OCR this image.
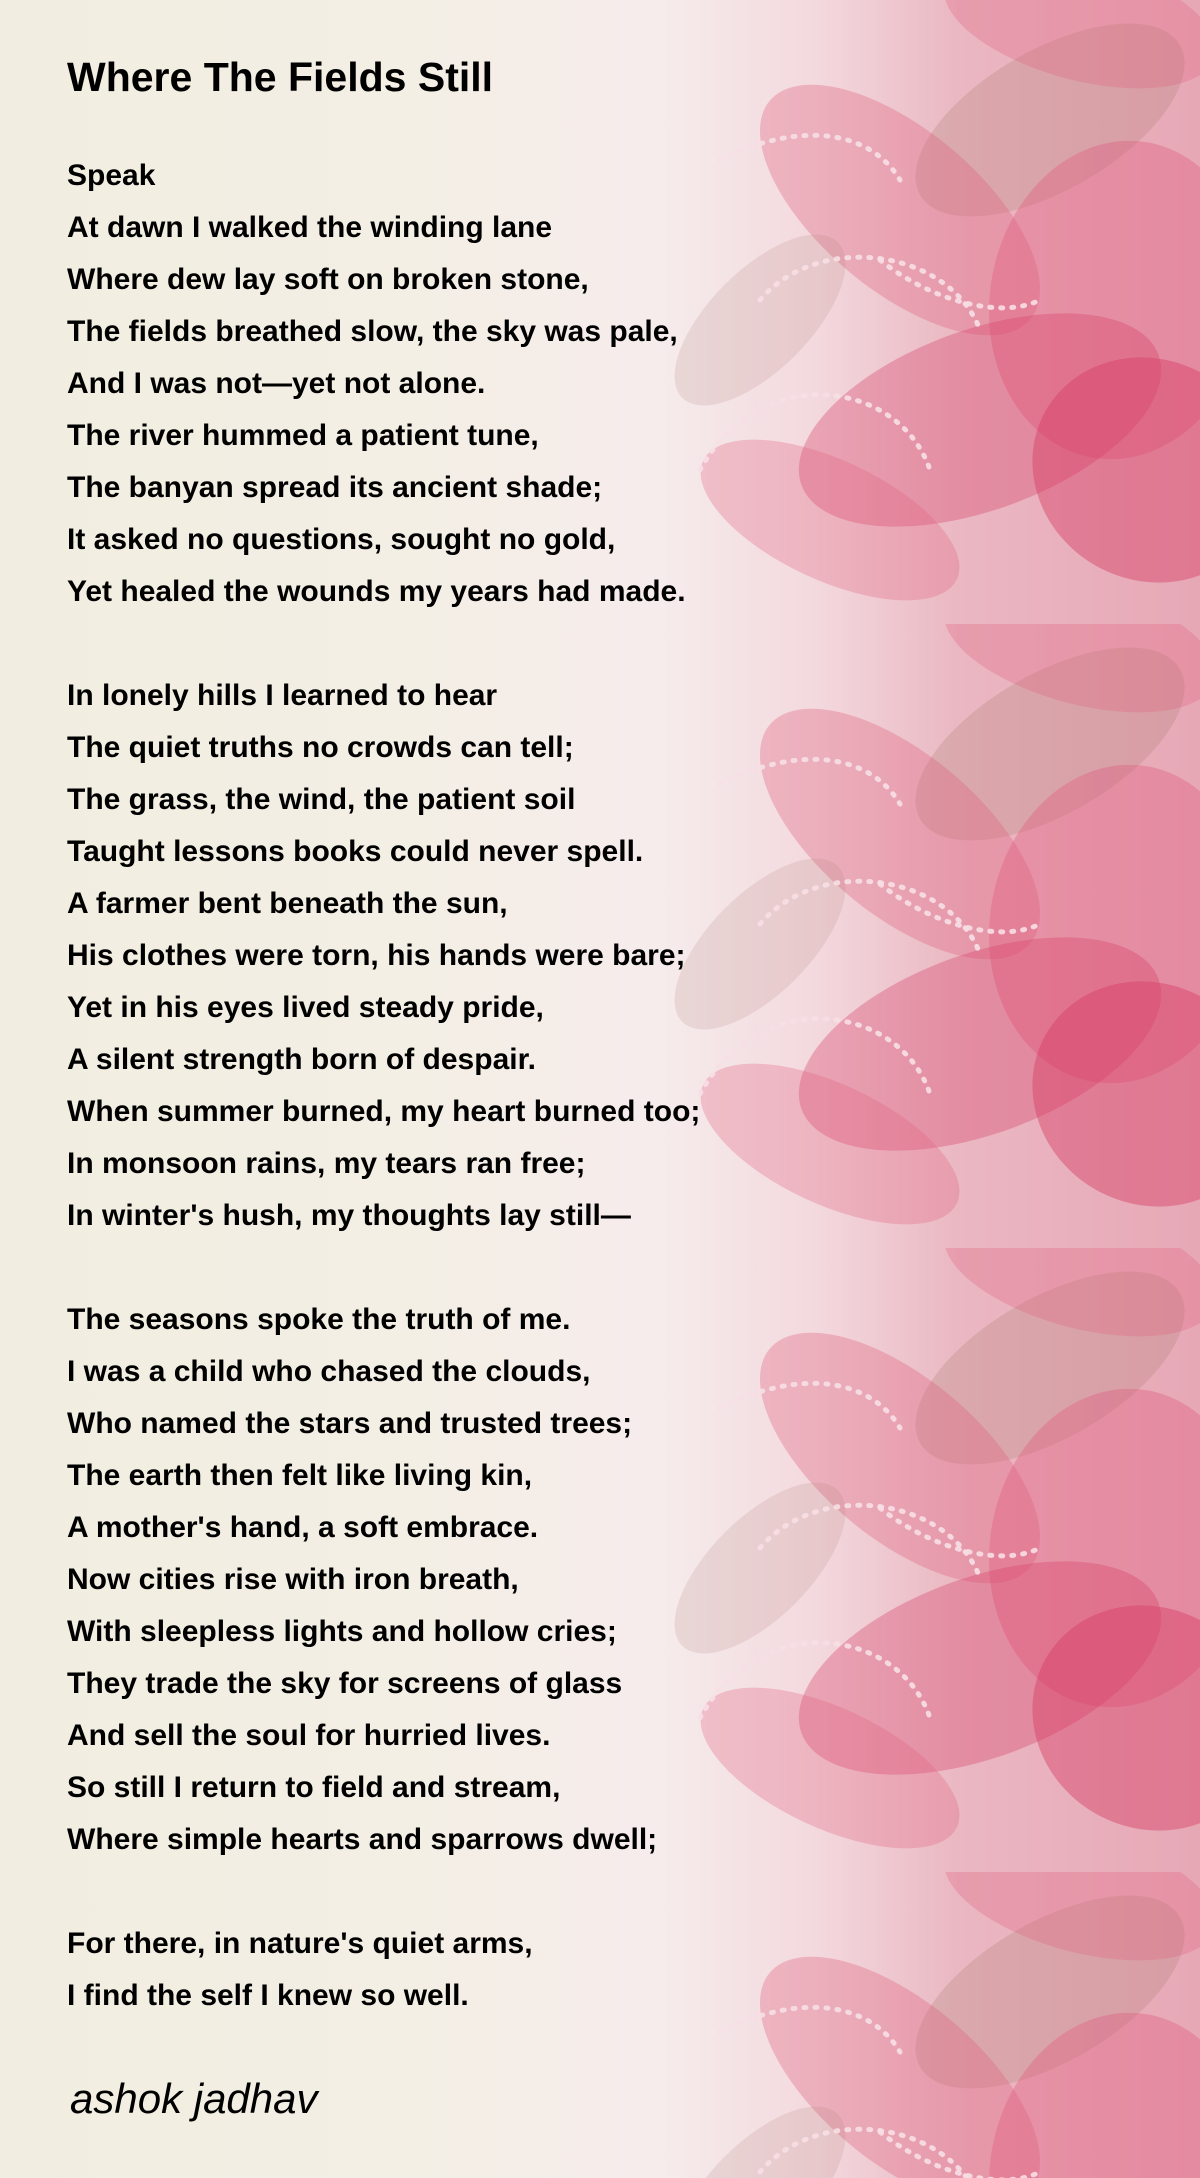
Where The Fields Still
Speak
At dawn I walked the winding lane
Where dew lay soft on broken stone,
The fields breathed slow, the sky was pale,
And I was not—yet not alone.
The river hummed a patient tune,
The banyan spread its ancient shade;
It asked no questions, sought no gold,
Yet healed the wounds my years had made.
In lonely hills I learned to hear
The quiet truths no crowds can tell;
The grass, the wind, the patient soil
Taught lessons books could never spell.
A farmer bent beneath the sun,
His clothes were torn, his hands were bare;
Yet in his eyes lived steady pride,
A silent strength born of despair.
When summer burned, my heart burned too;
In monsoon rains, my tears ran free;
In winter's hush, my thoughts lay still—
The seasons spoke the truth of me.
I was a child who chased the clouds,
Who named the stars and trusted trees;
The earth then felt like living kin,
A mother's hand, a soft embrace.
Now cities rise with iron breath,
With sleepless lights and hollow cries;
They trade the sky for screens of glass
And sell the soul for hurried lives.
So still I return to field and stream,
Where simple hearts and sparrows dwell;
For there, in nature's quiet arms,
I find the self I knew so well.
ashok jadhav
